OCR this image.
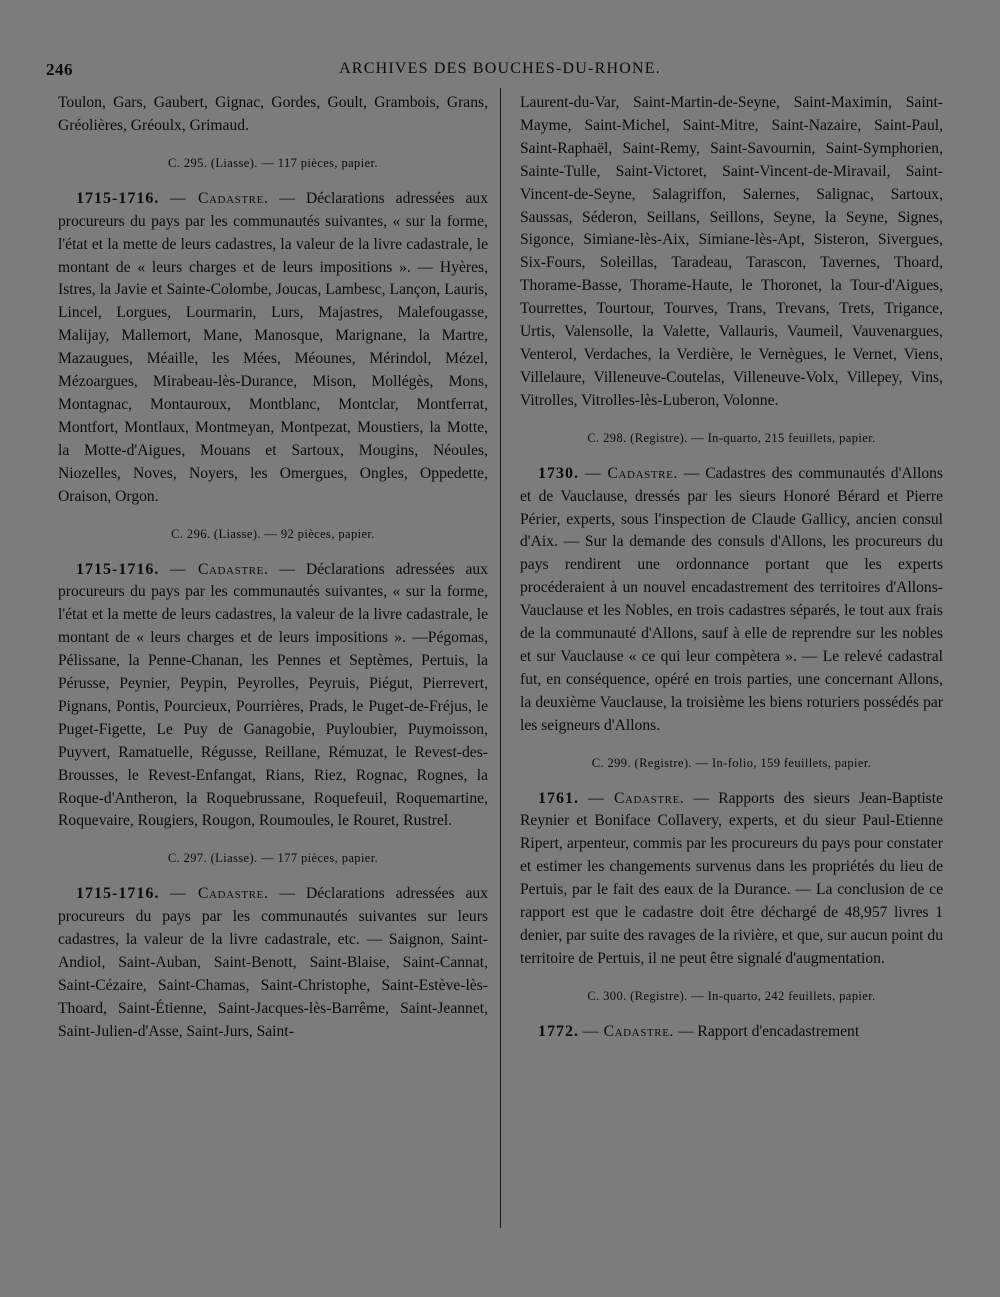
246	ARCHIVES DES BOUCHES-DU-RHONE.

Toulon, Gars, Gaubert, Gignac, Gordes, Goult, Grambois, Grans, Gréolières, Gréoulx, Grimaud.

C. 295. (Liasse). — 117 pièces, papier.

1715-1716. — Cadastre. — Déclarations adressées aux procureurs du pays par les communautés suivantes, « sur la forme, l'état et la mette de leurs cadastres, la valeur de la livre cadastrale, le montant de « leurs charges et de leurs impositions ». — Hyères, Istres, la Javie et Sainte-Colombe, Joucas, Lambesc, Lançon, Lauris, Lincel, Lorgues, Lourmarin, Lurs, Majastres, Malefougasse, Malijay, Mallemort, Mane, Manosque, Marignane, la Martre, Mazaugues, Méaille, les Mées, Méounes, Mérindol, Mézel, Mézoargues, Mirabeau-lès-Durance, Mison, Mollégès, Mons, Montagnac, Montauroux, Montblanc, Montclar, Montferrat, Montfort, Montlaux, Montmeyan, Montpezat, Moustiers, la Motte, la Motte-d'Aigues, Mouans et Sartoux, Mougins, Néoules, Niozelles, Noves, Noyers, les Omergues, Ongles, Oppedette, Oraison, Orgon.

C. 296. (Liasse). — 92 pièces, papier.

1715-1716. — Cadastre. — Déclarations adressées aux procureurs du pays par les communautés suivantes, « sur la forme, l'état et la mette de leurs cadastres, la valeur de la livre cadastrale, le montant de « leurs charges et de leurs impositions ». —Pégomas, Pélissane, la Penne-Chanan, les Pennes et Septèmes, Pertuis, la Pérusse, Peynier, Peypin, Peyrolles, Peyruis, Piégut, Pierrevert, Pignans, Pontis, Pourcieux, Pourrières, Prads, le Puget-de-Fréjus, le Puget-Figette, Le Puy de Ganagobie, Puyloubier, Puymoisson, Puyvert, Ramatuelle, Régusse, Reillane, Rémuzat, le Revest-des-Brousses, le Revest-Enfangat, Rians, Riez, Rognac, Rognes, la Roque-d'Antheron, la Roquebrussane, Roquefeuil, Roquemartine, Roquevaire, Rougiers, Rougon, Roumoules, le Rouret, Rustrel.

C. 297. (Liasse). — 177 pièces, papier.

1715-1716. — Cadastre. — Déclarations adressées aux procureurs du pays par les communautés suivantes sur leurs cadastres, la valeur de la livre cadastrale, etc. — Saignon, Saint-Andiol, Saint-Auban, Saint-Benott, Saint-Blaise, Saint-Cannat, Saint-Cézaire, Saint-Chamas, Saint-Christophe, Saint-Estève-lès-Thoard, Saint-Étienne, Saint-Jacques-lès-Barrême, Saint-Jeannet, Saint-Julien-d'Asse, Saint-Jurs, Saint-

Laurent-du-Var, Saint-Martin-de-Seyne, Saint-Maximin, Saint-Mayme, Saint-Michel, Saint-Mitre, Saint-Nazaire, Saint-Paul, Saint-Raphaël, Saint-Remy, Saint-Savournin, Saint-Symphorien, Sainte-Tulle, Saint-Victoret, Saint-Vincent-de-Miravail, Saint-Vincent-de-Seyne, Salagriffon, Salernes, Salignac, Sartoux, Saussas, Séderon, Seillans, Seillons, Seyne, la Seyne, Signes, Sigonce, Simiane-lès-Aix, Simiane-lès-Apt, Sisteron, Sivergues, Six-Fours, Soleillas, Taradeau, Tarascon, Tavernes, Thoard, Thorame-Basse, Thorame-Haute, le Thoronet, la Tour-d'Aigues, Tourrettes, Tourtour, Tourves, Trans, Trevans, Trets, Trigance, Urtis, Valensolle, la Valette, Vallauris, Vaumeil, Vauvenargues, Venterol, Verdaches, la Verdière, le Vernègues, le Vernet, Viens, Villelaure, Villeneuve-Coutelas, Villeneuve-Volx, Villepey, Vins, Vitrolles, Vitrolles-lès-Luberon, Volonne.

C. 298. (Registre). — In-quarto, 215 feuillets, papier.

1730. — Cadastre. — Cadastres des communautés d'Allons et de Vauclause, dressés par les sieurs Honoré Bérard et Pierre Périer, experts, sous l'inspection de Claude Gallicy, ancien consul d'Aix. — Sur la demande des consuls d'Allons, les procureurs du pays rendirent une ordonnance portant que les experts procéderaient à un nouvel encadastrement des territoires d'Allons-Vauclause et les Nobles, en trois cadastres séparés, le tout aux frais de la communauté d'Allons, sauf à elle de reprendre sur les nobles et sur Vauclause « ce qui leur compètera ». — Le relevé cadastral fut, en conséquence, opéré en trois parties, une concernant Allons, la deuxième Vauclause, la troisième les biens roturiers possédés par les seigneurs d'Allons.

C. 299. (Registre). — In-folio, 159 feuillets, papier.

1761. — Cadastre. — Rapports des sieurs Jean-Baptiste Reynier et Boniface Collavery, experts, et du sieur Paul-Etienne Ripert, arpenteur, commis par les procureurs du pays pour constater et estimer les changements survenus dans les propriétés du lieu de Pertuis, par le fait des eaux de la Durance. — La conclusion de ce rapport est que le cadastre doit être déchargé de 48,957 livres 1 denier, par suite des ravages de la rivière, et que, sur aucun point du territoire de Pertuis, il ne peut être signalé d'augmentation.

C. 300. (Registre). — In-quarto, 242 feuillets, papier.

1772. — Cadastre. — Rapport d'encadastrement
